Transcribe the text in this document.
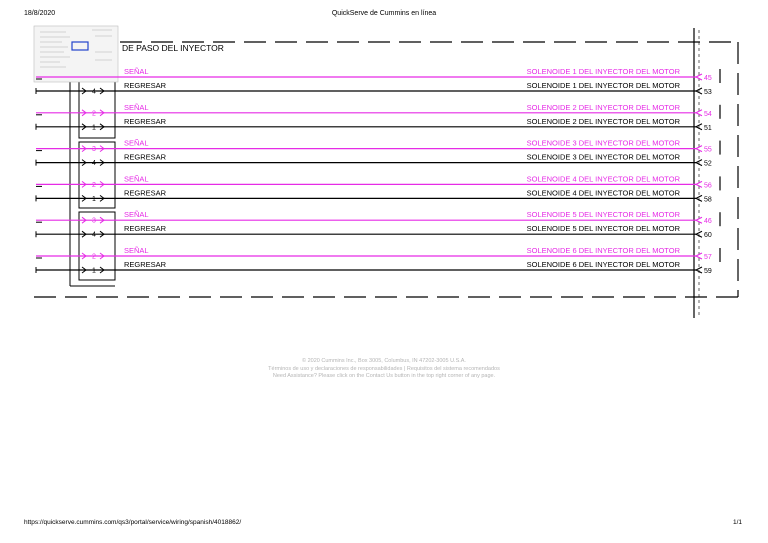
18/8/2020	QuickServe de Cummins en línea
DE PASO DEL INYECTOR
4
SEÑAL
REGRESAR
SOLENOIDE 1 DEL INYECTOR DEL MOTOR
SOLENOIDE 1 DEL INYECTOR DEL MOTOR
45
53
2
1
SEÑAL
REGRESAR
SOLENOIDE 2 DEL INYECTOR DEL MOTOR
SOLENOIDE 2 DEL INYECTOR DEL MOTOR
54
51
3
4
SEÑAL
REGRESAR
SOLENOIDE 3 DEL INYECTOR DEL MOTOR
SOLENOIDE 3 DEL INYECTOR DEL MOTOR
55
52
2
1
SEÑAL
REGRESAR
SOLENOIDE 4 DEL INYECTOR DEL MOTOR
SOLENOIDE 4 DEL INYECTOR DEL MOTOR
56
58
3
4
SEÑAL
REGRESAR
SOLENOIDE 5 DEL INYECTOR DEL MOTOR
SOLENOIDE 5 DEL INYECTOR DEL MOTOR
46
60
2
1
SEÑAL
REGRESAR
SOLENOIDE 6 DEL INYECTOR DEL MOTOR
SOLENOIDE 6 DEL INYECTOR DEL MOTOR
57
59
© 2020 Cummins Inc., Box 3005, Columbus, IN 47202-3005 U.S.A.
Términos de uso y declaraciones de responsabilidades | Requisitos del sistema recomendados
Need Assistance? Please click on the Contact Us button in the top right corner of any page.
https://quickserve.cummins.com/qs3/portal/service/wiring/spanish/4018862/	1/1
